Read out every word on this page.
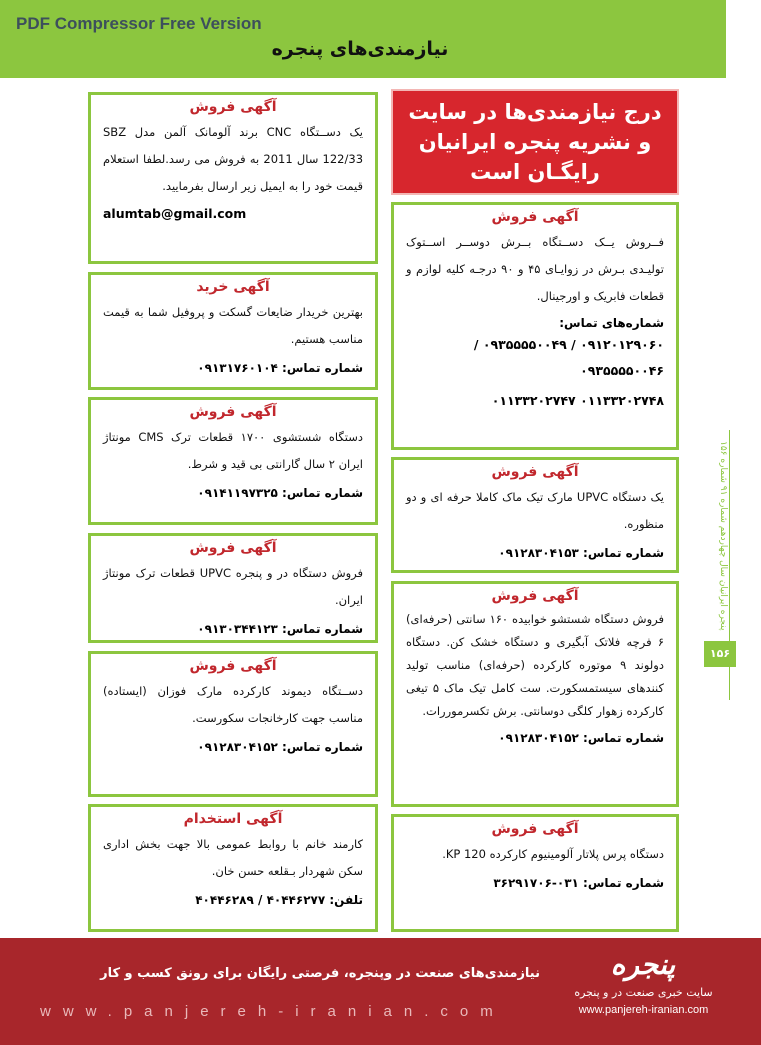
PDF Compressor Free Version
نیازمندی‌های پنجره
آگهی فروش
یک دســتگاه CNC برند آلومانک آلمن مدل SBZ 122/33 سال 2011 به فروش می رسد.لطفا استعلام قیمت خود را به ایمیل زیر ارسال بفرمایید.
alumtab@gmail.com
آگهی خرید
بهترین خریدار ضایعات گسکت و پروفیل شما به قیمت مناسب هستیم.
شماره تماس: ۰۹۱۳۱۷۶۰۱۰۴
آگهی فروش
دستگاه شستشوی ۱۷۰۰ قطعات ترک CMS مونتاژ ایران ۲ سال گارانتی بی قید و شرط.
شماره تماس: ۰۹۱۴۱۱۹۷۳۲۵
آگهی فروش
فروش دستگاه در و پنجره UPVC قطعات ترک مونتاژ ایران.
شماره تماس: ۰۹۱۳۰۳۴۴۱۲۳
آگهی فروش
دســتگاه دیموند کارکرده مارک فوزان (ایستاده) مناسب جهت کارخانجات سکورست.
شماره تماس: ۰۹۱۲۸۳۰۴۱۵۲
آگهی استخدام
کارمند خانم با روابط عمومی بالا جهت بخش اداری سکن شهردار بـقلعه حسن خان.
تلفن: ۴۰۴۴۶۲۷۷ / ۴۰۴۴۶۲۸۹
درج نیازمندی‌ها در سایت
و نشریه پنجره ایرانیان
رایگـان است
آگهی فروش
فــروش یــک دســتگاه بــرش دوســر اســتوک تولیـدی بـرش در زوایـای ۴۵ و ۹۰ درجـه کلیه لوازم و قطعات فابریک و اورجینال.
شماره‌های تماس:
۰۹۱۲۰۱۲۹۰۶۰ / ۰۹۳۵۵۵۵۰۰۴۹ / ۰۹۳۵۵۵۵۰۰۴۶
۰۱۱۳۳۲۰۲۷۴۸ ۰۱۱۳۳۲۰۲۷۴۷
آگهی فروش
یک دستگاه UPVC مارک تیک ماک کاملا حرفه ای و دو منظوره.
شماره تماس: ۰۹۱۲۸۳۰۴۱۵۳
آگهی فروش
فروش دستگاه شستشو خوابیده ۱۶۰ سانتی (حرفه‌ای) ۶ فرچه فلاتک آبگیری و دستگاه خشک کن. دستگاه دولوند ۹ موتوره کارکرده (حرفه‌ای) مناسب تولید کنندهای سیستمسکورت. ست کامل تیک ماک ۵ تیغی کارکرده زهوار کلگی دوسانتی. برش تکسرموررات.
شماره تماس: ۰۹۱۲۸۳۰۴۱۵۲
آگهی فروش
دستگاه پرس پلاتار آلومینیوم کارکرده KP 120.
شماره تماس: ۰۳۱-۳۶۲۹۱۷۰۶
پنجره ایرانیان سال چهاردهم شماره ۹۱ شماره ۱۵۶
۱۵۶
نیازمندی‌های صنعت در وپنجره، فرصتی رایگان برای رونق کسب و کار
www.panjereh-iranian.com
پنجره
سایت خبری صنعت در و پنجره
www.panjereh-iranian.com
